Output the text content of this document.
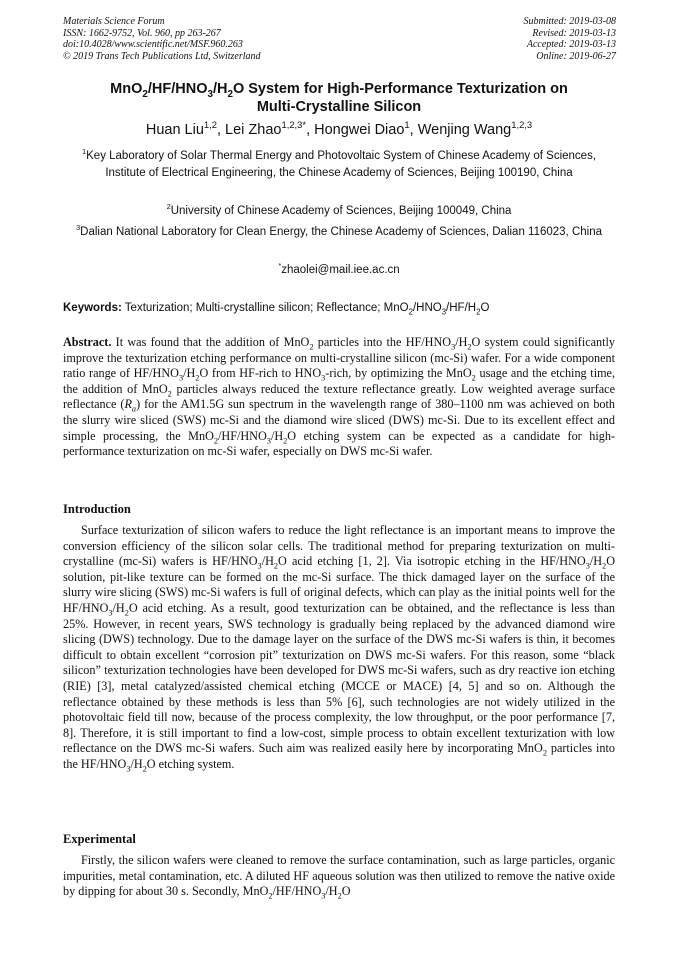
Materials Science Forum
ISSN: 1662-9752, Vol. 960, pp 263-267
doi:10.4028/www.scientific.net/MSF.960.263
© 2019 Trans Tech Publications Ltd, Switzerland
Submitted: 2019-03-08
Revised: 2019-03-13
Accepted: 2019-03-13
Online: 2019-06-27
$MnO_2/HF/HNO_3/H_2O$ System for High-Performance Texturization on
Multi-Crystalline Silicon
Huan Liu$^{1,2}$, Lei Zhao$^{1,2,3*}$, Hongwei Diao$^1$, Wenjing Wang$^{1,2,3}$
$^1$Key Laboratory of Solar Thermal Energy and Photovoltaic System of Chinese Academy of Sciences, Institute of Electrical Engineering, the Chinese Academy of Sciences, Beijing 100190, China
$^2$University of Chinese Academy of Sciences, Beijing 100049, China
$^3$Dalian National Laboratory for Clean Energy, the Chinese Academy of Sciences, Dalian 116023, China
*zhaolei@mail.iee.ac.cn
Keywords: Texturization; Multi-crystalline silicon; Reflectance; $MnO_2/HNO_3/HF/H_2O$
Abstract. It was found that the addition of MnO$_2$ particles into the $HF/HNO_3/H_2O$ system could significantly improve the texturization etching performance on multi-crystalline silicon (mc-Si) wafer. For a wide component ratio range of $HF/HNO_3/H_2O$ from HF-rich to $HNO_3$-rich, by optimizing the MnO$_2$ usage and the etching time, the addition of MnO$_2$ particles always reduced the texture reflectance greatly. Low weighted average surface reflectance $(R_a)$ for the AM1.5G sun spectrum in the wavelength range of 380–1100 nm was achieved on both the slurry wire sliced (SWS) mc-Si and the diamond wire sliced (DWS) mc-Si. Due to its excellent effect and simple processing, the $MnO_2/HF/HNO_3/H_2O$ etching system can be expected as a candidate for high-performance texturization on mc-Si wafer, especially on DWS mc-Si wafer.
Introduction
Surface texturization of silicon wafers to reduce the light reflectance is an important means to improve the conversion efficiency of the silicon solar cells. The traditional method for preparing texturization on multi-crystalline (mc-Si) wafers is $HF/HNO_3/H_2O$ acid etching [1, 2]. Via isotropic etching in the $HF/HNO_3/H_2O$ solution, pit-like texture can be formed on the mc-Si surface. The thick damaged layer on the surface of the slurry wire slicing (SWS) mc-Si wafers is full of original defects, which can play as the initial points well for the $HF/HNO_3/H_2O$ acid etching. As a result, good texturization can be obtained, and the reflectance is less than 25%. However, in recent years, SWS technology is gradually being replaced by the advanced diamond wire slicing (DWS) technology. Due to the damage layer on the surface of the DWS mc-Si wafers is thin, it becomes difficult to obtain excellent “corrosion pit” texturization on DWS mc-Si wafers. For this reason, some “black silicon” texturization technologies have been developed for DWS mc-Si wafers, such as dry reactive ion etching (RIE) [3], metal catalyzed/assisted chemical etching (MCCE or MACE) [4, 5] and so on. Although the reflectance obtained by these methods is less than 5% [6], such technologies are not widely utilized in the photovoltaic field till now, because of the process complexity, the low throughput, or the poor performance [7, 8]. Therefore, it is still important to find a low-cost, simple process to obtain excellent texturization with low reflectance on the DWS mc-Si wafers. Such aim was realized easily here by incorporating MnO$_2$ particles into the $HF/HNO_3/H_2O$ etching system.
Experimental
Firstly, the silicon wafers were cleaned to remove the surface contamination, such as large particles, organic impurities, metal contamination, etc. A diluted HF aqueous solution was then utilized to remove the native oxide by dipping for about 30 s. Secondly, $MnO_2/HF/HNO_3/H_2O$
